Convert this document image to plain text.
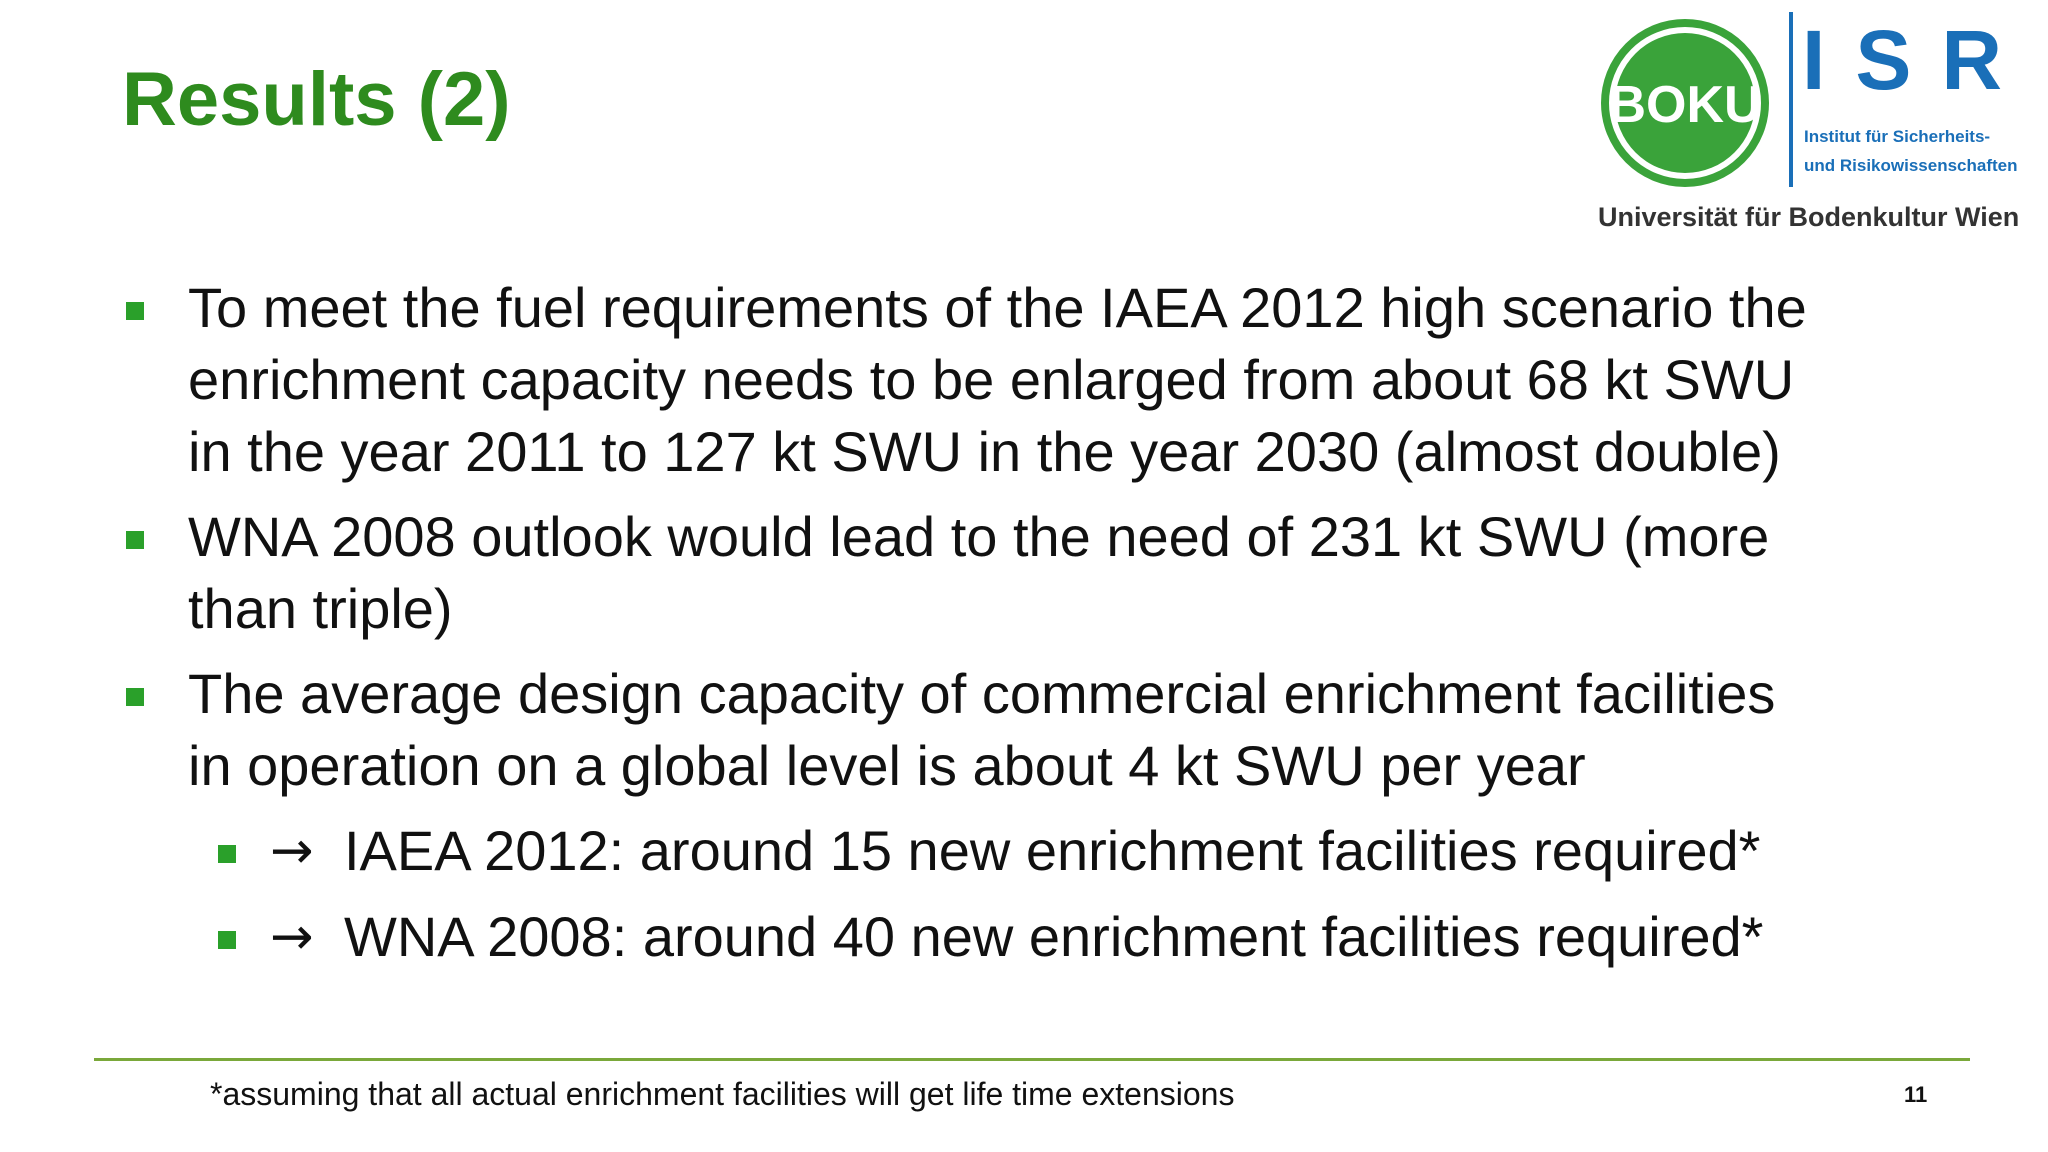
Results (2)	BOKU ISR
Institut für Sicherheits-
und Risikowissenschaften
Universität für Bodenkultur Wien
To meet the fuel requirements of the IAEA 2012 high scenario the
enrichment capacity needs to be enlarged from about 68 kt SWU
in the year 2011 to 127 kt SWU in the year 2030 (almost double)
WNA 2008 outlook would lead to the need of 231 kt SWU (more
than triple)
The average design capacity of commercial enrichment facilities
in operation on a global level is about 4 kt SWU per year
→ IAEA 2012: around 15 new enrichment facilities required*
→ WNA 2008: around 40 new enrichment facilities required*
*assuming that all actual enrichment facilities will get life time extensions	11
